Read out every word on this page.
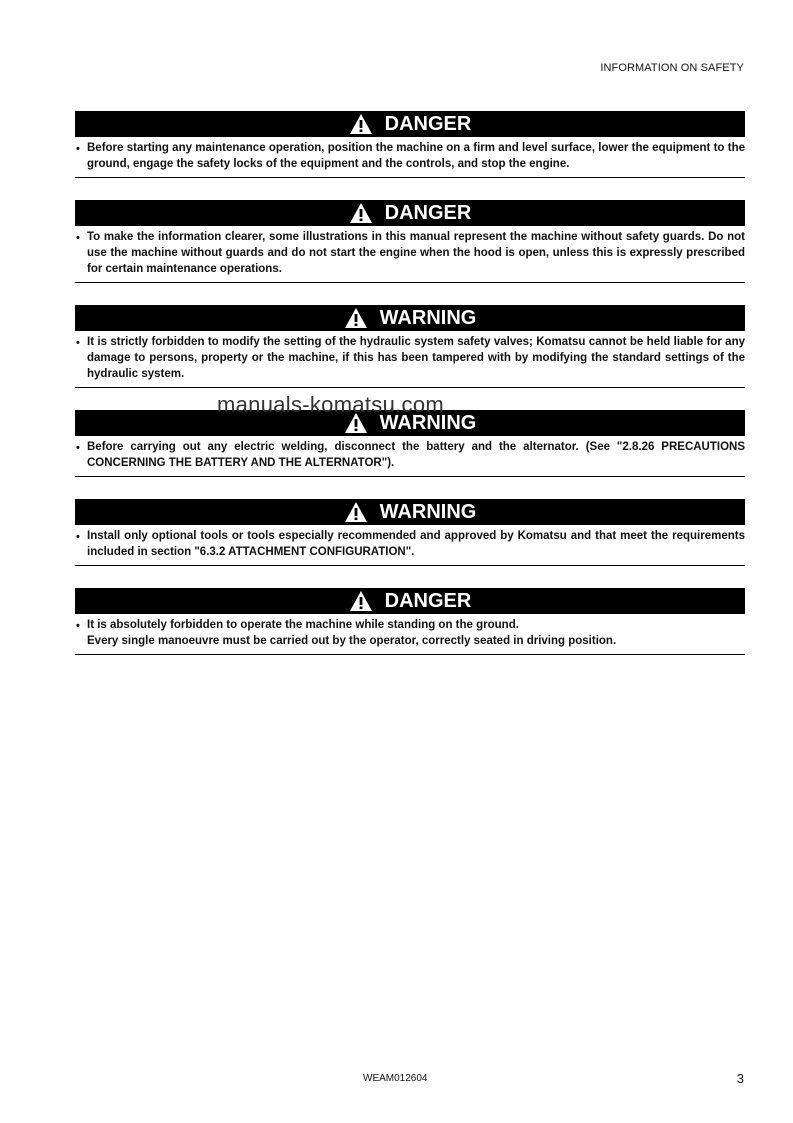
INFORMATION ON SAFETY
DANGER
• Before starting any maintenance operation, position the machine on a firm and level surface, lower the equipment to the ground, engage the safety locks of the equipment and the controls, and stop the engine.
DANGER
• To make the information clearer, some illustrations in this manual represent the machine without safety guards. Do not use the machine without guards and do not start the engine when the hood is open, unless this is expressly prescribed for certain maintenance operations.
WARNING
• It is strictly forbidden to modify the setting of the hydraulic system safety valves; Komatsu cannot be held liable for any damage to persons, property or the machine, if this has been tampered with by modifying the standard settings of the hydraulic system.
WARNING
• Before carrying out any electric welding, disconnect the battery and the alternator. (See "2.8.26 PRECAUTIONS CONCERNING THE BATTERY AND THE ALTERNATOR").
WARNING
• Install only optional tools or tools especially recommended and approved by Komatsu and that meet the requirements included in section "6.3.2 ATTACHMENT CONFIGURATION".
DANGER
• It is absolutely forbidden to operate the machine while standing on the ground.
Every single manoeuvre must be carried out by the operator, correctly seated in driving position.
manuals-komatsu.com
WEAM012604	3
